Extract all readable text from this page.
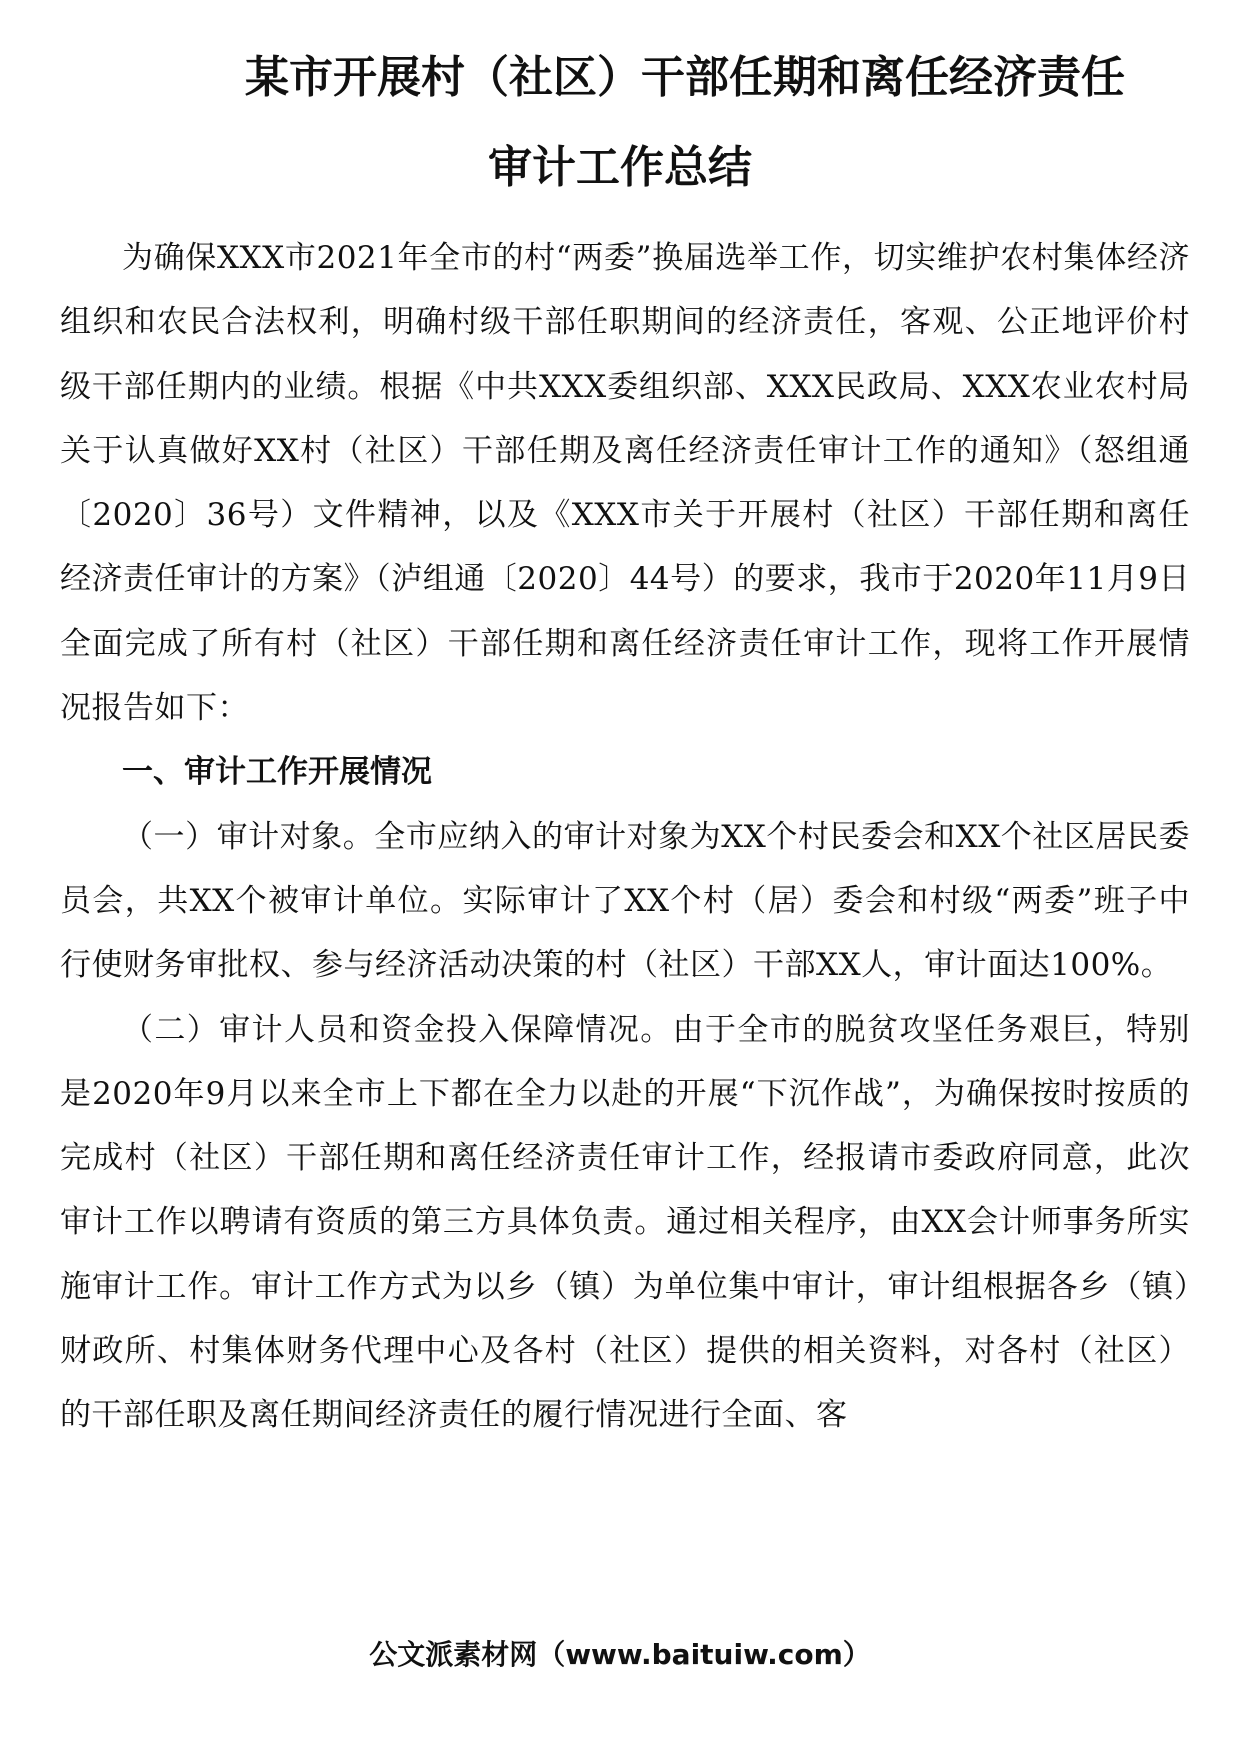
某市开展村（社区）干部任期和离任经济责任
审计工作总结

为确保XXX市2021年全市的村“两委”换届选举工作，切实维护农村集体经济组织和农民合法权利，明确村级干部任职期间的经济责任，客观、公正地评价村级干部任期内的业绩。根据《中共XXX委组织部、XXX民政局、XXX农业农村局关于认真做好XX村（社区）干部任期及离任经济责任审计工作的通知》（怒组通〔2020〕36号）文件精神，以及《XXX市关于开展村（社区）干部任期和离任经济责任审计的方案》（泸组通〔2020〕44号）的要求，我市于2020年11月9日全面完成了所有村（社区）干部任期和离任经济责任审计工作，现将工作开展情况报告如下：

一、审计工作开展情况

（一）审计对象。全市应纳入的审计对象为XX个村民委会和XX个社区居民委员会，共XX个被审计单位。实际审计了XX个村（居）委会和村级“两委”班子中行使财务审批权、参与经济活动决策的村（社区）干部XX人，审计面达100%。

（二）审计人员和资金投入保障情况。由于全市的脱贫攻坚任务艰巨，特别是2020年9月以来全市上下都在全力以赴的开展“下沉作战”，为确保按时按质的完成村（社区）干部任期和离任经济责任审计工作，经报请市委政府同意，此次审计工作以聘请有资质的第三方具体负责。通过相关程序，由XX会计师事务所实施审计工作。审计工作方式为以乡（镇）为单位集中审计，审计组根据各乡（镇）财政所、村集体财务代理中心及各村（社区）提供的相关资料，对各村（社区）的干部任职及离任期间经济责任的履行情况进行全面、客

公文派素材网（www.baituiw.com）
